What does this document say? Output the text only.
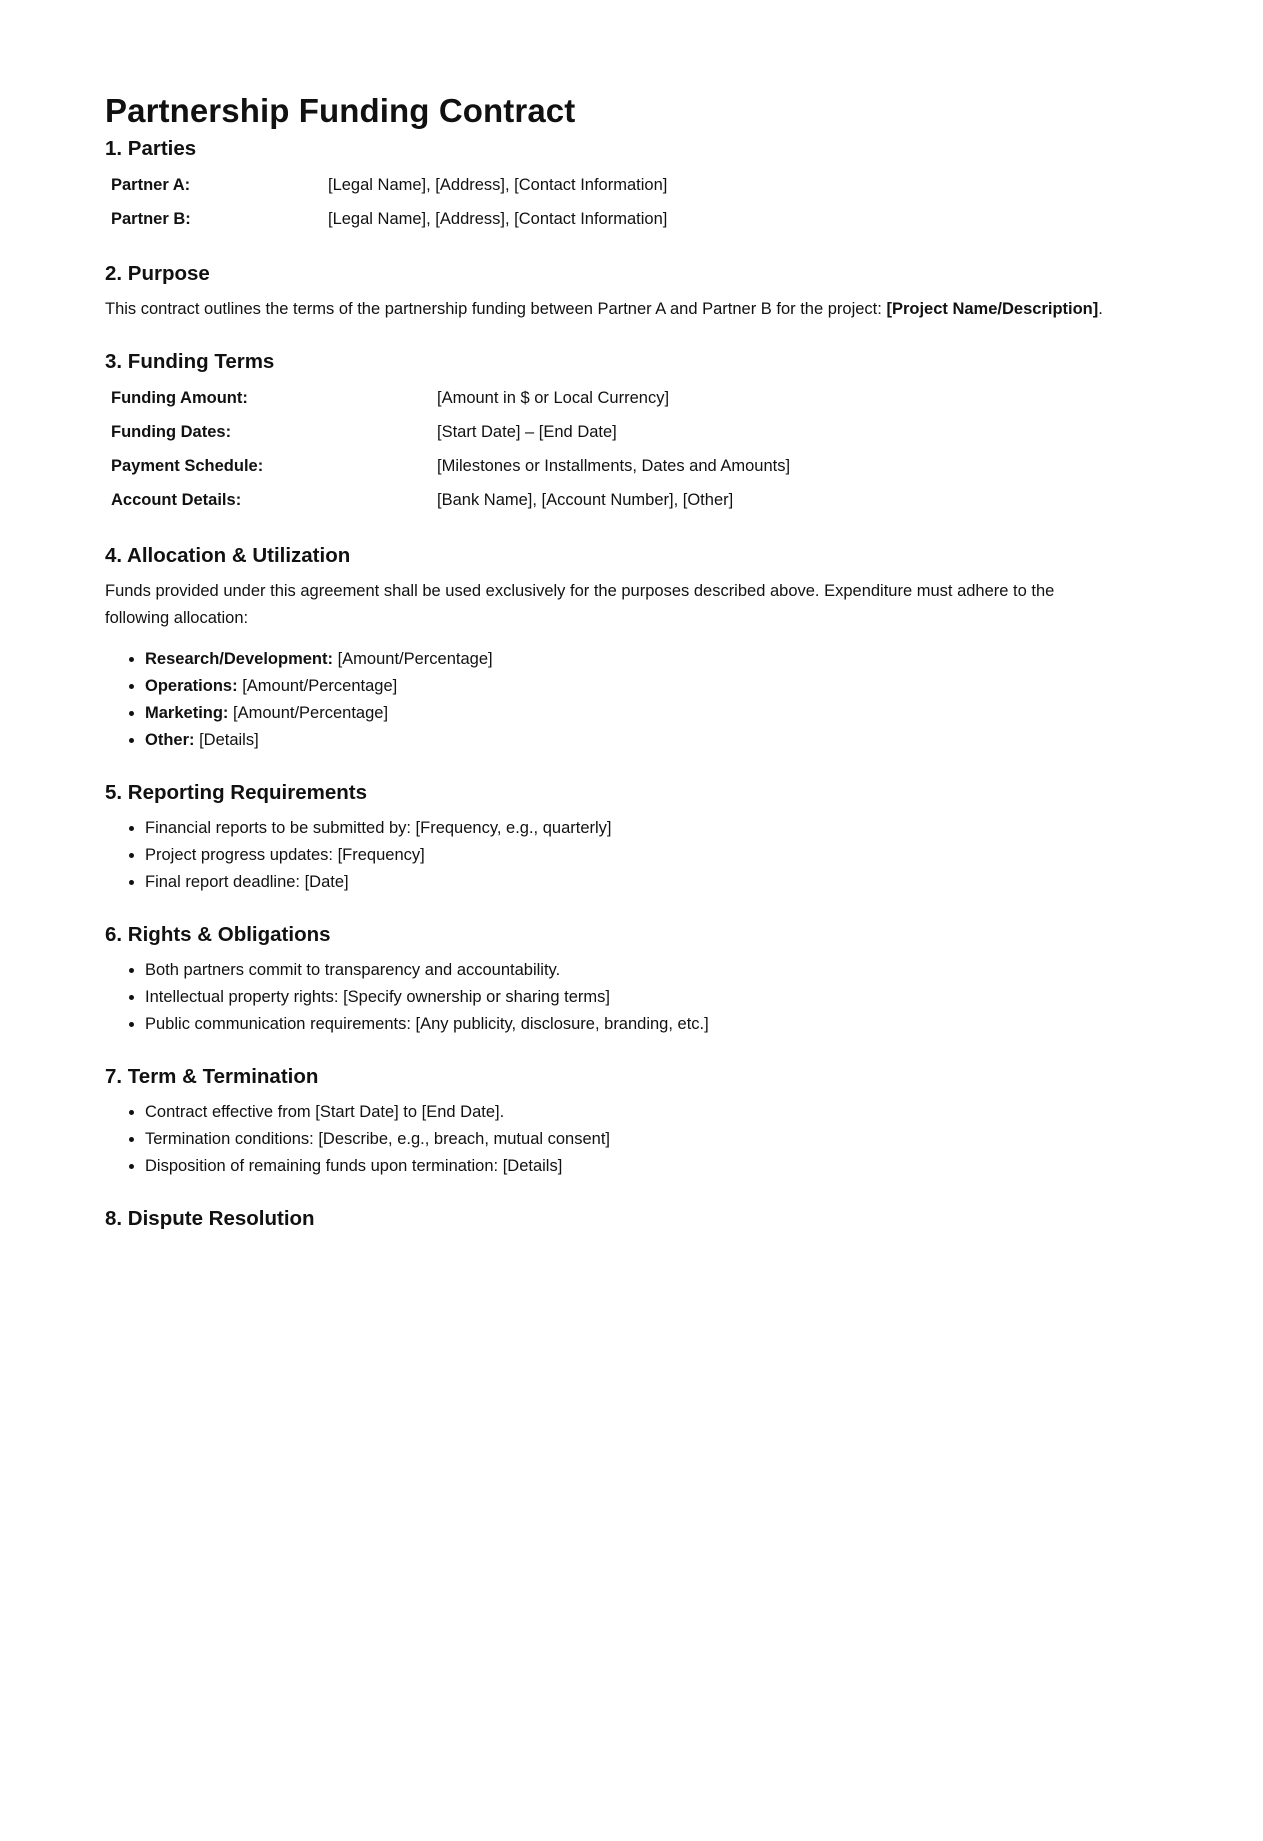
Partnership Funding Contract
1. Parties
Partner A:	[Legal Name], [Address], [Contact Information]
Partner B:	[Legal Name], [Address], [Contact Information]
2. Purpose

This contract outlines the terms of the partnership funding between Partner A and Partner B for the project: [Project Name/Description].

3. Funding Terms
Funding Amount:	[Amount in $ or Local Currency]
Funding Dates:	[Start Date] – [End Date]
Payment Schedule:	[Milestones or Installments, Dates and Amounts]
Account Details:	[Bank Name], [Account Number], [Other]
4. Allocation & Utilization

Funds provided under this agreement shall be used exclusively for the purposes described above. Expenditure must adhere to the following allocation:

• Research/Development: [Amount/Percentage]
• Operations: [Amount/Percentage]
• Marketing: [Amount/Percentage]
• Other: [Details]
5. Reporting Requirements
• Financial reports to be submitted by: [Frequency, e.g., quarterly]
• Project progress updates: [Frequency]
• Final report deadline: [Date]
6. Rights & Obligations
• Both partners commit to transparency and accountability.
• Intellectual property rights: [Specify ownership or sharing terms]
• Public communication requirements: [Any publicity, disclosure, branding, etc.]
7. Term & Termination
• Contract effective from [Start Date] to [End Date].
• Termination conditions: [Describe, e.g., breach, mutual consent]
• Disposition of remaining funds upon termination: [Details]
8. Dispute Resolution
